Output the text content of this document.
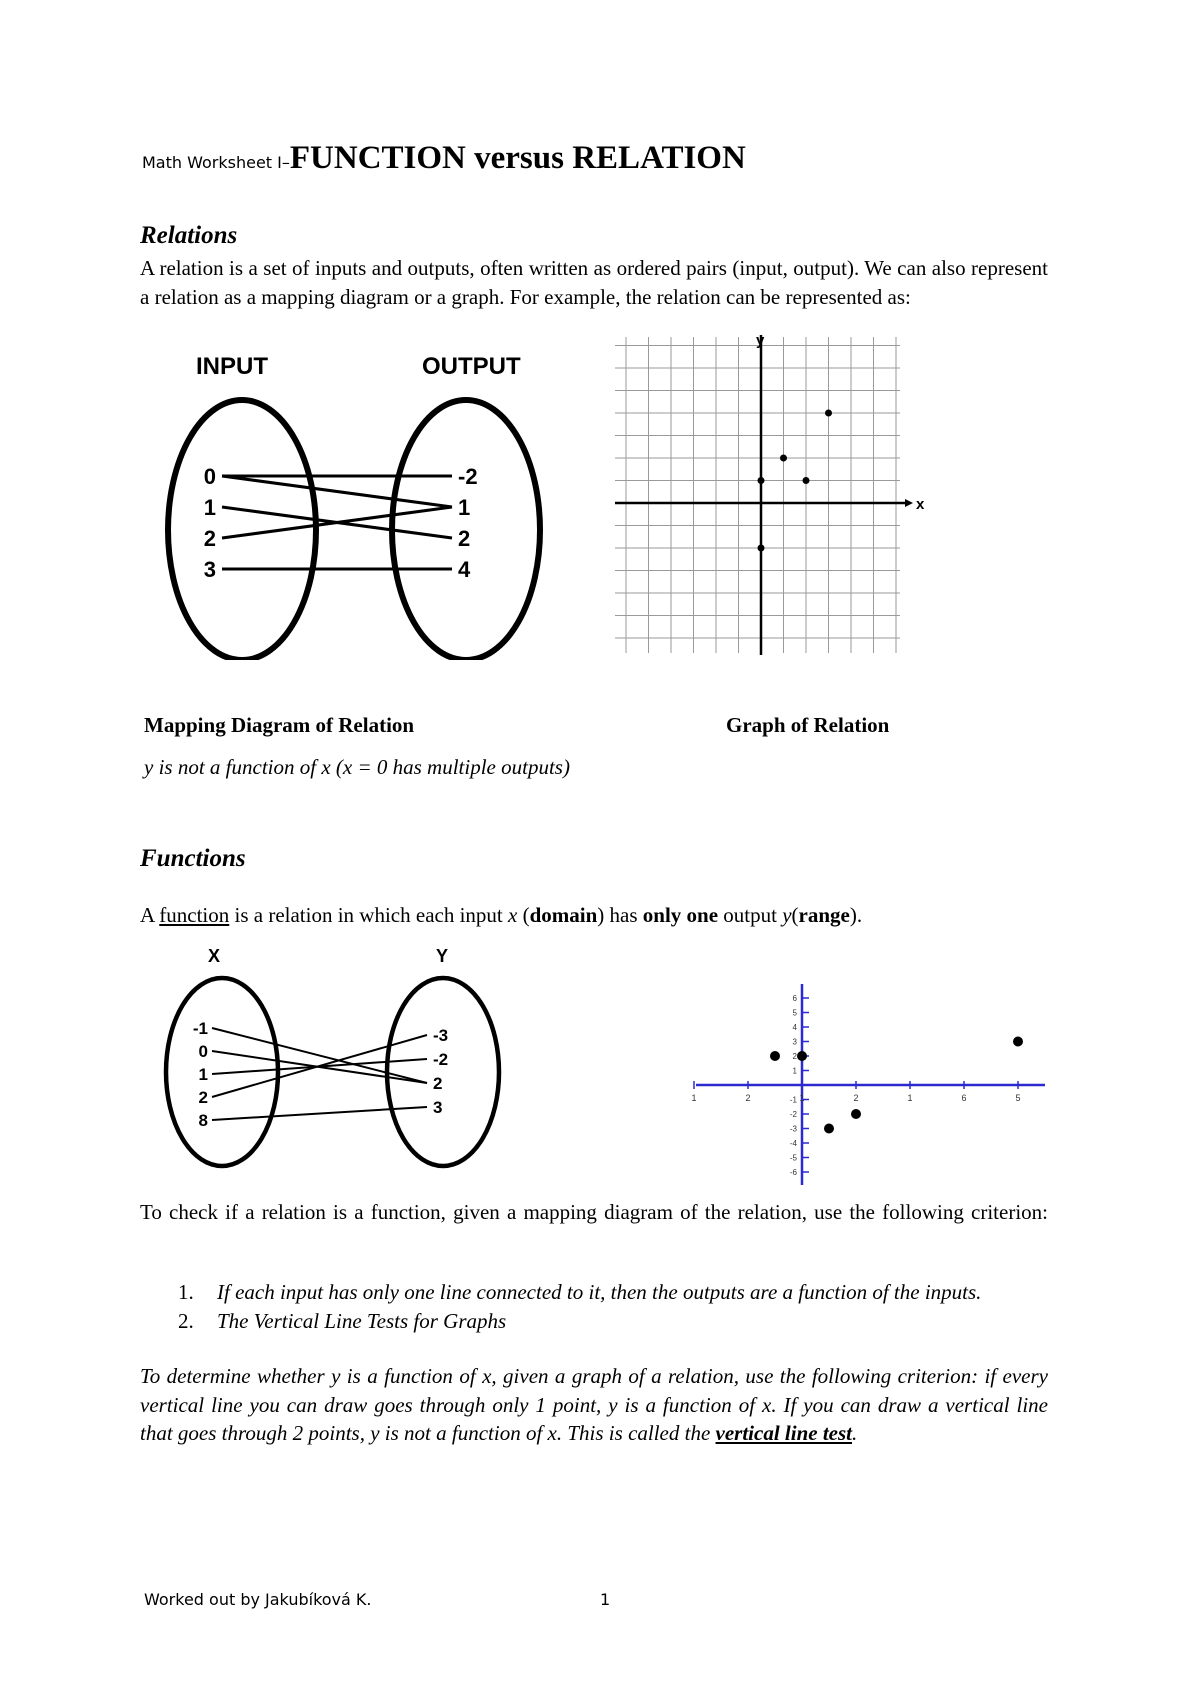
Math Worksheet I–FUNCTION versus RELATION
Relations
A relation is a set of inputs and outputs, often written as ordered pairs (input, output). We can also represent a relation as a mapping diagram or a graph. For example, the relation can be represented as:
INPUT	OUTPUT
0
1
2
3
-2
1
2
4
x
y
Mapping Diagram of Relation	Graph of Relation
y is not a function of x (x = 0 has multiple outputs)
Functions
A function is a relation in which each input x (domain) has only one output y(range).
X	Y
-1
0
1
2
8
-3
-2
2
3	1	2	1	2	1	6	5
6
5
4
3
2
1
-1
-2
-3
-4
-5
-6
To check if a relation is a function, given a mapping diagram of the relation, use the following criterion:
1. If each input has only one line connected to it, then the outputs are a function of the inputs.
2. The Vertical Line Tests for Graphs
To determine whether y is a function of x, given a graph of a relation, use the following criterion: if every vertical line you can draw goes through only 1 point, y is a function of x. If you can draw a vertical line that goes through 2 points, y is not a function of x. This is called the vertical line test.
Worked out by Jakubíková K.	1
